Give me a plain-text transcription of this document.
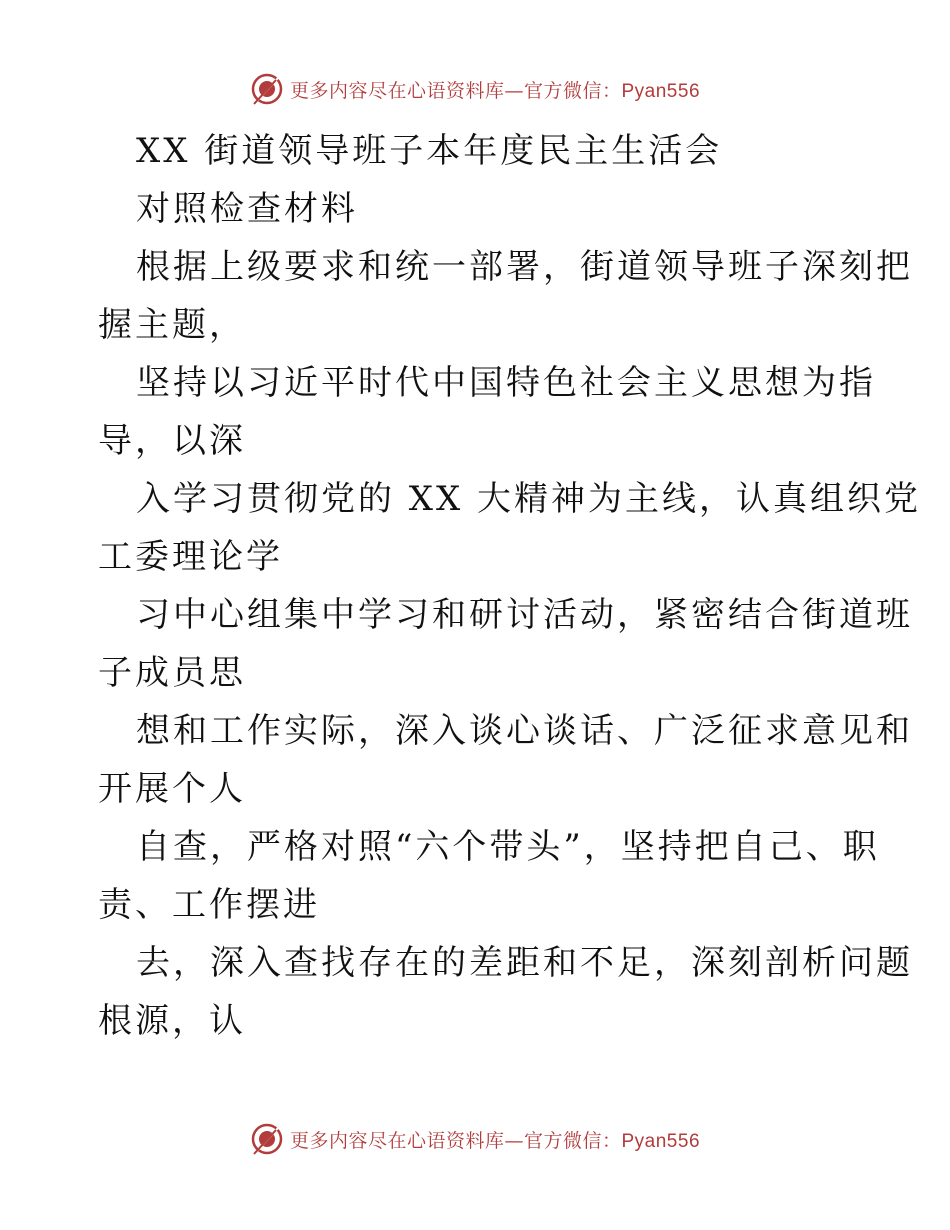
更多内容尽在心语资料库—官方微信：Pyan556
XX 街道领导班子本年度民主生活会
对照检查材料
根据上级要求和统一部署，街道领导班子深刻把
握主题，
坚持以习近平时代中国特色社会主义思想为指
导，以深
入学习贯彻党的 XX 大精神为主线，认真组织党
工委理论学
习中心组集中学习和研讨活动，紧密结合街道班
子成员思
想和工作实际，深入谈心谈话、广泛征求意见和
开展个人
自查，严格对照“六个带头”，坚持把自己、职
责、工作摆进
去，深入查找存在的差距和不足，深刻剖析问题
根源，认
更多内容尽在心语资料库—官方微信：Pyan556
